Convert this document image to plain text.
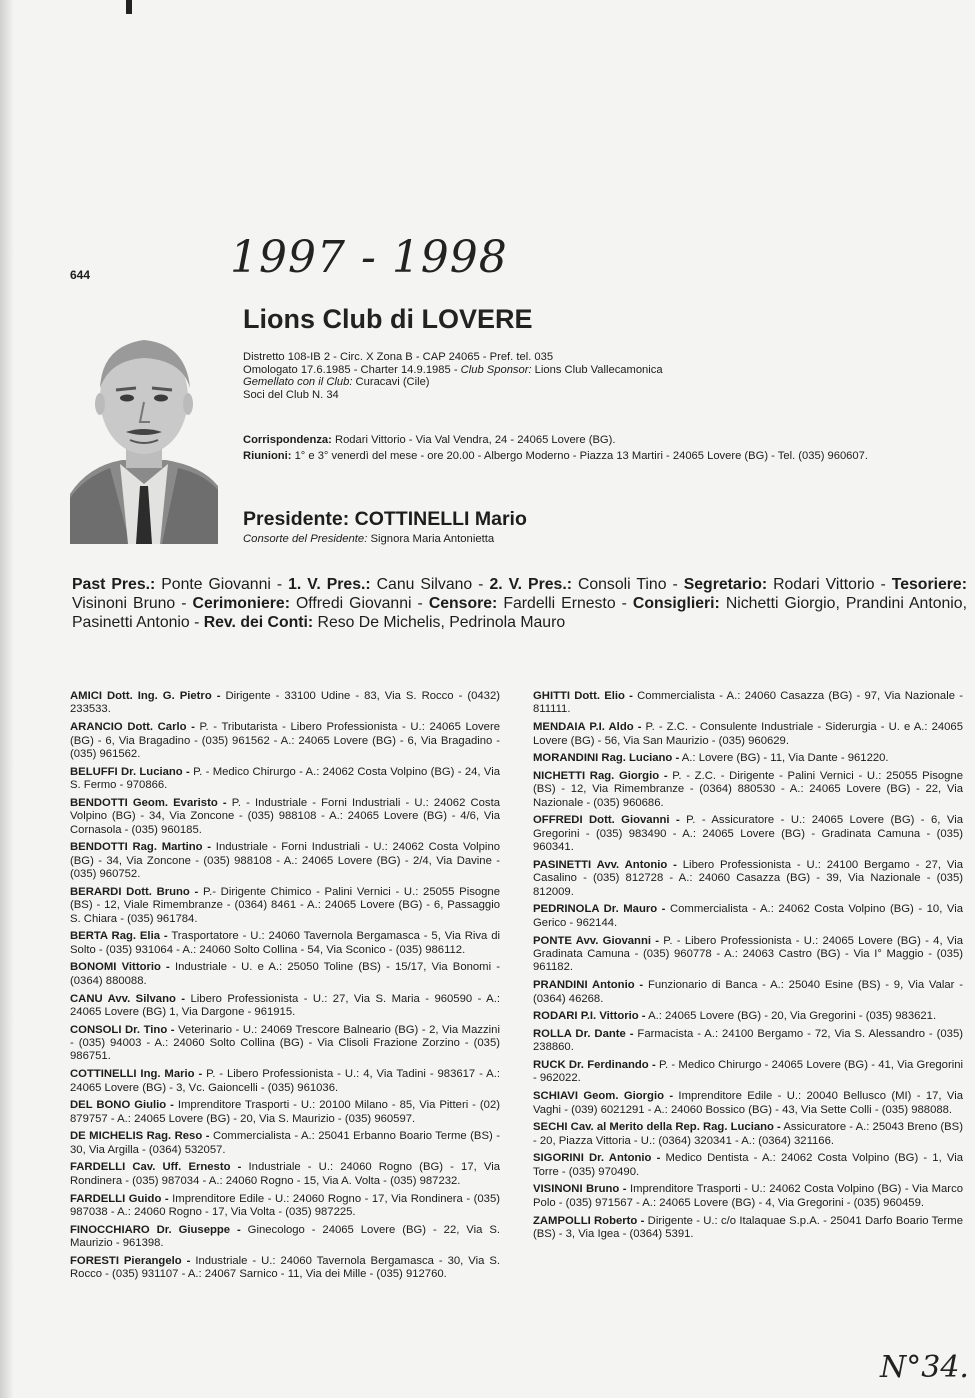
644	1997 - 1998
Lions Club di LOVERE
Distretto 108-IB 2 - Circ. X Zona B - CAP 24065 - Pref. tel. 035
Omologato 17.6.1985 - Charter 14.9.1985 - Club Sponsor: Lions Club Vallecamonica
Gemellato con il Club: Curacavi (Cile)
Soci del Club N. 34
Corrispondenza: Rodari Vittorio - Via Val Vendra, 24 - 24065 Lovere (BG).
Riunioni: 1° e 3° venerdì del mese - ore 20.00 - Albergo Moderno - Piazza 13 Martiri - 24065 Lovere (BG) - Tel. (035) 960607.
Presidente: COTTINELLI Mario
Consorte del Presidente: Signora Maria Antonietta

Past Pres.: Ponte Giovanni - 1. V. Pres.: Canu Silvano - 2. V. Pres.: Consoli Tino - Segretario: Rodari Vittorio - Tesoriere: Visinoni Bruno - Cerimoniere: Offredi Giovanni - Censore: Fardelli Ernesto - Consiglieri: Nichetti Giorgio, Prandini Antonio, Pasinetti Antonio - Rev. dei Conti: Reso De Michelis, Pedrinola Mauro

AMICI Dott. Ing. G. Pietro - Dirigente - 33100 Udine - 83, Via S. Rocco - (0432) 233533.

ARANCIO Dott. Carlo - P. - Tributarista - Libero Professionista - U.: 24065 Lovere (BG) - 6, Via Bragadino - (035) 961562 - A.: 24065 Lovere (BG) - 6, Via Bragadino - (035) 961562.

BELUFFI Dr. Luciano - P. - Medico Chirurgo - A.: 24062 Costa Volpino (BG) - 24, Via S. Fermo - 970866.

BENDOTTI Geom. Evaristo - P. - Industriale - Forni Industriali - U.: 24062 Costa Volpino (BG) - 34, Via Zoncone - (035) 988108 - A.: 24065 Lovere (BG) - 4/6, Via Cornasola - (035) 960185.

BENDOTTI Rag. Martino - Industriale - Forni Industriali - U.: 24062 Costa Volpino (BG) - 34, Via Zoncone - (035) 988108 - A.: 24065 Lovere (BG) - 2/4, Via Davine - (035) 960752.

BERARDI Dott. Bruno - P.- Dirigente Chimico - Palini Vernici - U.: 25055 Pisogne (BS) - 12, Viale Rimembranze - (0364) 8461 - A.: 24065 Lovere (BG) - 6, Passaggio S. Chiara - (035) 961784.

BERTA Rag. Elia - Trasportatore - U.: 24060 Tavernola Bergamasca - 5, Via Riva di Solto - (035) 931064 - A.: 24060 Solto Collina - 54, Via Sconico - (035) 986112.

BONOMI Vittorio - Industriale - U. e A.: 25050 Toline (BS) - 15/17, Via Bonomi - (0364) 880088.

CANU Avv. Silvano - Libero Professionista - U.: 27, Via S. Maria - 960590 - A.: 24065 Lovere (BG) 1, Via Dargone - 961915.

CONSOLI Dr. Tino - Veterinario - U.: 24069 Trescore Balneario (BG) - 2, Via Mazzini - (035) 94003 - A.: 24060 Solto Collina (BG) - Via Clisoli Frazione Zorzino - (035) 986751.

COTTINELLI Ing. Mario - P. - Libero Professionista - U.: 4, Via Tadini - 983617 - A.: 24065 Lovere (BG) - 3, Vc. Gaioncelli - (035) 961036.

DEL BONO Giulio - Imprenditore Trasporti - U.: 20100 Milano - 85, Via Pitteri - (02) 879757 - A.: 24065 Lovere (BG) - 20, Via S. Maurizio - (035) 960597.

DE MICHELIS Rag. Reso - Commercialista - A.: 25041 Erbanno Boario Terme (BS) - 30, Via Argilla - (0364) 532057.

FARDELLI Cav. Uff. Ernesto - Industriale - U.: 24060 Rogno (BG) - 17, Via Rondinera - (035) 987034 - A.: 24060 Rogno - 15, Via A. Volta - (035) 987232.

FARDELLI Guido - Imprenditore Edile - U.: 24060 Rogno - 17, Via Rondinera - (035) 987038 - A.: 24060 Rogno - 17, Via Volta - (035) 987225.

FINOCCHIARO Dr. Giuseppe - Ginecologo - 24065 Lovere (BG) - 22, Via S. Maurizio - 961398.

FORESTI Pierangelo - Industriale - U.: 24060 Tavernola Bergamasca - 30, Via S. Rocco - (035) 931107 - A.: 24067 Sarnico - 11, Via dei Mille - (035) 912760.

GHITTI Dott. Elio - Commercialista - A.: 24060 Casazza (BG) - 97, Via Nazionale - 811111.

MENDAIA P.I. Aldo - P. - Z.C. - Consulente Industriale - Siderurgia - U. e A.: 24065 Lovere (BG) - 56, Via San Maurizio - (035) 960629.

MORANDINI Rag. Luciano - A.: Lovere (BG) - 11, Via Dante - 961220.

NICHETTI Rag. Giorgio - P. - Z.C. - Dirigente - Palini Vernici - U.: 25055 Pisogne (BS) - 12, Via Rimembranze - (0364) 880530 - A.: 24065 Lovere (BG) - 22, Via Nazionale - (035) 960686.

OFFREDI Dott. Giovanni - P. - Assicuratore - U.: 24065 Lovere (BG) - 6, Via Gregorini - (035) 983490 - A.: 24065 Lovere (BG) - Gradinata Camuna - (035) 960341.

PASINETTI Avv. Antonio - Libero Professionista - U.: 24100 Bergamo - 27, Via Casalino - (035) 812728 - A.: 24060 Casazza (BG) - 39, Via Nazionale - (035) 812009.

PEDRINOLA Dr. Mauro - Commercialista - A.: 24062 Costa Volpino (BG) - 10, Via Gerico - 962144.

PONTE Avv. Giovanni - P. - Libero Professionista - U.: 24065 Lovere (BG) - 4, Via Gradinata Camuna - (035) 960778 - A.: 24063 Castro (BG) - Via I° Maggio - (035) 961182.

PRANDINI Antonio - Funzionario di Banca - A.: 25040 Esine (BS) - 9, Via Valar - (0364) 46268.

RODARI P.I. Vittorio - A.: 24065 Lovere (BG) - 20, Via Gregorini - (035) 983621.

ROLLA Dr. Dante - Farmacista - A.: 24100 Bergamo - 72, Via S. Alessandro - (035) 238860.

RUCK Dr. Ferdinando - P. - Medico Chirurgo - 24065 Lovere (BG) - 41, Via Gregorini - 962022.

SCHIAVI Geom. Giorgio - Imprenditore Edile - U.: 20040 Bellusco (MI) - 17, Via Vaghi - (039) 6021291 - A.: 24060 Bossico (BG) - 43, Via Sette Colli - (035) 988088.

SECHI Cav. al Merito della Rep. Rag. Luciano - Assicuratore - A.: 25043 Breno (BS) - 20, Piazza Vittoria - U.: (0364) 320341 - A.: (0364) 321166.

SIGORINI Dr. Antonio - Medico Dentista - A.: 24062 Costa Volpino (BG) - 1, Via Torre - (035) 970490.

VISINONI Bruno - Imprenditore Trasporti - U.: 24062 Costa Volpino (BG) - Via Marco Polo - (035) 971567 - A.: 24065 Lovere (BG) - 4, Via Gregorini - (035) 960459.

ZAMPOLLI Roberto - Dirigente - U.: c/o Italaquae S.p.A. - 25041 Darfo Boario Terme (BS) - 3, Via Igea - (0364) 5391.

N°34.
